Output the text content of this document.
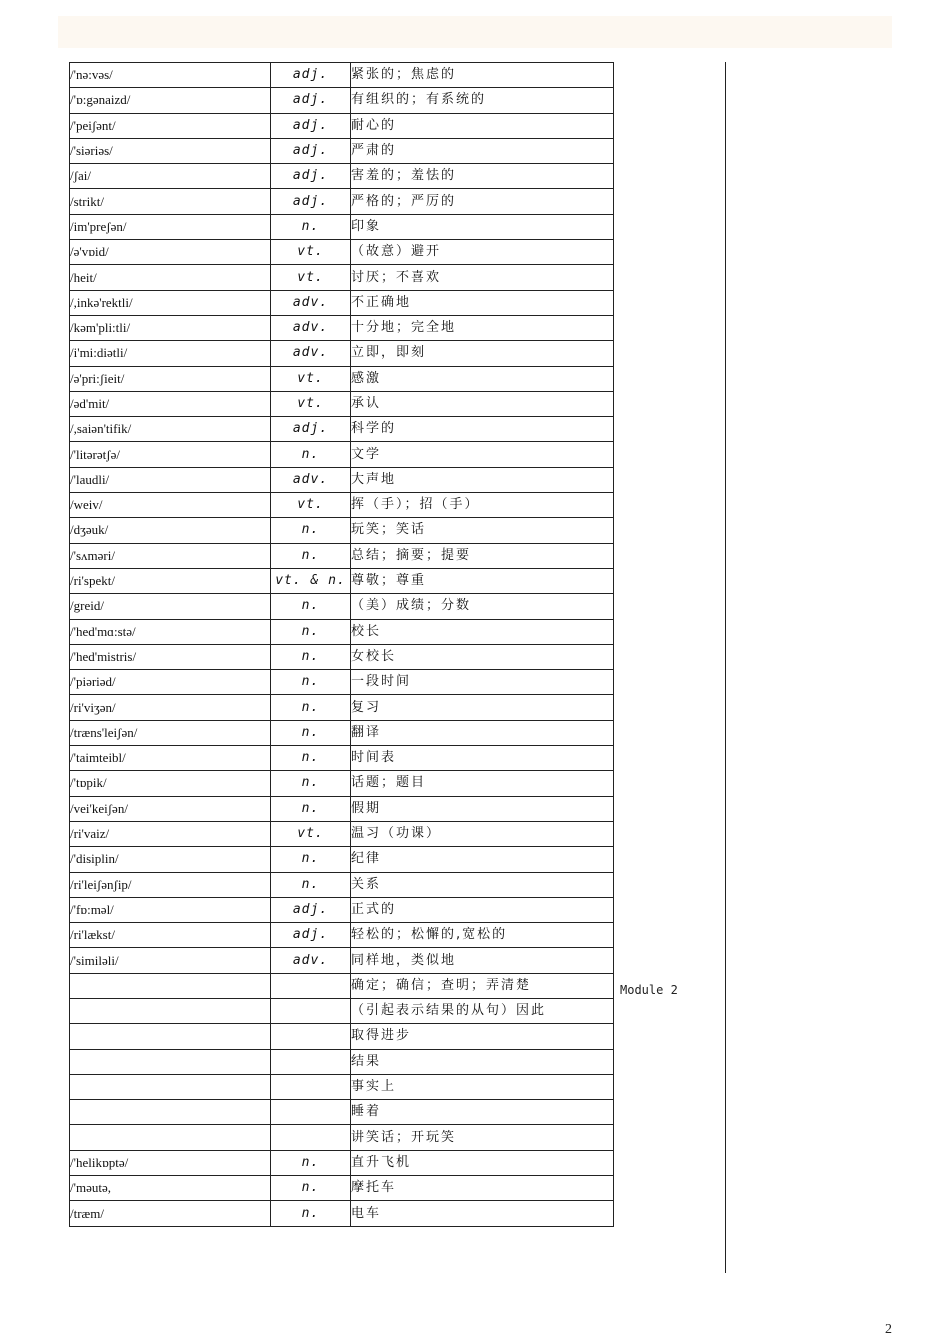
/'nə:vəs/	adj.	紧张的；焦虑的
/'ɒ:gənaizd/	adj.	有组织的；有系统的
/'peiʃənt/	adj.	耐心的
/'siəriəs/	adj.	严肃的
/ʃai/	adj.	害羞的；羞怯的
/strikt/	adj.	严格的；严厉的
/im'preʃən/	n.	印象
/ə'vɒid/	vt.	（故意）避开
/heit/	vt.	讨厌；不喜欢
/,inkə'rektli/	adv.	不正确地
/kəm'pli:tli/	adv.	十分地；完全地
/i'mi:diətli/	adv.	立即，即刻
/ə'pri:ʃieit/	vt.	感激
/əd'mit/	vt.	承认
/,saiən'tifik/	adj.	科学的
/'litərətʃə/	n.	文学
/'laudli/	adv.	大声地
/weiv/	vt.	挥（手）；招（手）
/dʒəuk/	n.	玩笑；笑话
/'sʌməri/	n.	总结；摘要；提要
/ri'spekt/	vt. & n.	尊敬；尊重
/greid/	n.	（美）成绩；分数
/'hed'mɑ:stə/	n.	校长
/'hed'mistris/	n.	女校长
/'piəriəd/	n.	一段时间
/ri'viʒən/	n.	复习
/træns'leiʃən/	n.	翻译
/'taimteibl/	n.	时间表
/'tɒpik/	n.	话题；题目
/vei'keiʃən/	n.	假期
/ri'vaiz/	vt.	温习（功课）
/'disiplin/	n.	纪律
/ri'leiʃənʃip/	n.	关系
/'fɒ:məl/	adj.	正式的
/ri'lækst/	adj.	轻松的；松懈的,宽松的
/'similəli/	adv.	同样地，类似地
		确定；确信；查明；弄清楚
		（引起表示结果的从句）因此
		取得进步
		结果
		事实上
		睡着
		讲笑话；开玩笑
/'helikɒptə/	n.	直升飞机
/'məutə,	n.	摩托车
/træm/	n.	电车
Module 2
2
